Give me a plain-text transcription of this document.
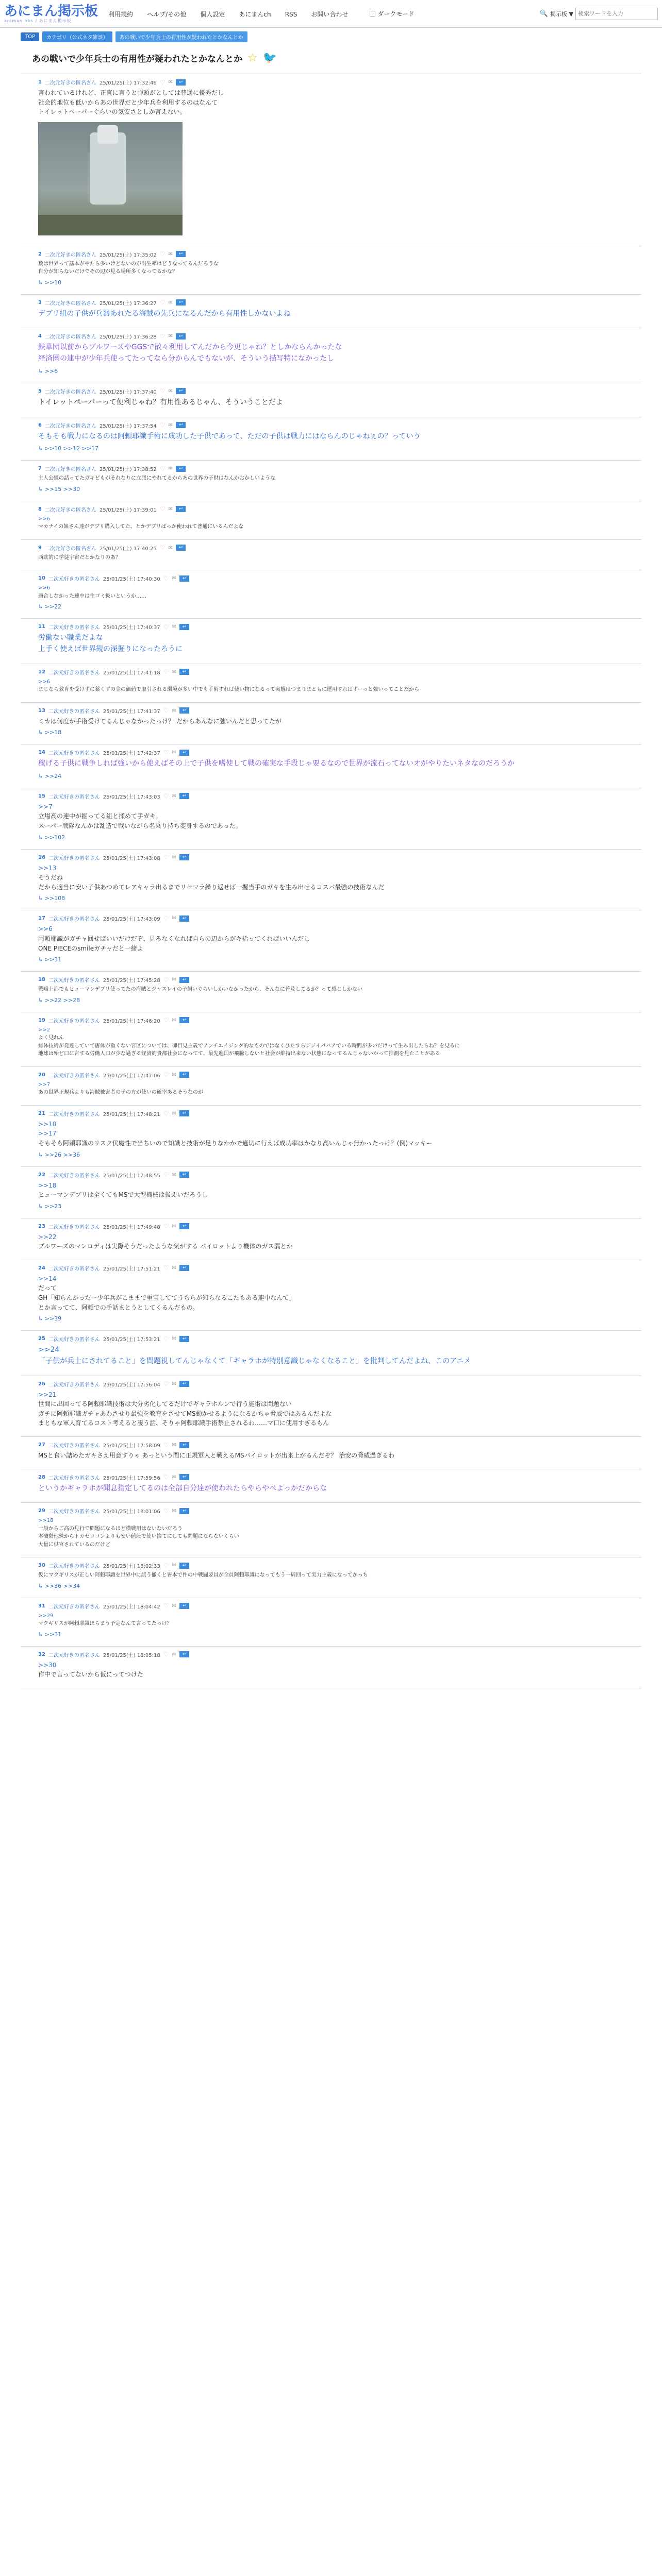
あにまん掲示板
animan bbs / あにまん掲示板
利用規約 ヘルプ/その他 個人設定 あにまんch RSS お問い合わせ	ダークモード	🔍 掲示板 ▼
検索ワードを入力
TOP	カテゴリ（公式ネタ雑談）	あの戦いで少年兵士の有用性が疑われたとかなんとか
あの戦いで少年兵士の有用性が疑われたとかなんとか ☆ 🐦
1 二次元好きの匿名さん 25/01/25(土) 17:32:46 ♡ ✉	↩
言われているけれど、正直に言うと弾頭がとしては普通に優秀だし
社会的地位も低いからあの世界だと少年兵を利用するのはなんて
トイレットペーパーぐらいの気安さとしか言えない。
2 二次元好きの匿名さん 25/01/25(土) 17:35:02 ♡ ✉	↩
数は世界って基本がやたら多いけどないのが出生率はどうなってるんだろうな
自分が知らないだけでその辺が見る場所多くなってるかな？
↳ >>10
3 二次元好きの匿名さん 25/01/25(土) 17:36:27 ♡ ✉	↩
デブリ組の子供が兵器あれたる海賊の先兵になるんだから有用性しかないよね
4 二次元好きの匿名さん 25/01/25(土) 17:36:28 ♡ ✉	↩
鉄華団以前からブルワーズやGGSで散々利用してんだから今更じゃね？としかならんかったな
経済圏の連中が少年兵使ってたってなら分からんでもないが、そういう描写特になかったし
↳ >>6
5 二次元好きの匿名さん 25/01/25(土) 17:37:40 ♡ ✉	↩
トイレットペーパーって便利じゃね？有用性あるじゃん、そういうことだよ
6 二次元好きの匿名さん 25/01/25(土) 17:37:54 ♡ ✉	↩
そもそも戦力になるのは阿頼耶識手術に成功した子供であって、ただの子供は戦力にはならんのじゃねぇの？っていう
↳ >>10 >>12 >>17
7 二次元好きの匿名さん 25/01/25(土) 17:38:52 ♡ ✉	↩
主人公組の話ってたガキどもがそれなりに立派にやれてるからあの世界の子供はなんかおかしいような
↳ >>15 >>30
8 二次元好きの匿名さん 25/01/25(土) 17:39:01 ♡ ✉	↩
>>6
マカナイの娘さん達がデブリ購入してた、とかデブリばっか使われて普通にいるんだよな
9 二次元好きの匿名さん 25/01/25(土) 17:40:25 ♡ ✉	↩
西欧的に学徒宇宙だとかなりのあ？
10 二次元好きの匿名さん 25/01/25(土) 17:40:30 ♡ ✉	↩
>>6
適合しなかった連中は生ゴミ扱いというか……
↳ >>22
11 二次元好きの匿名さん 25/01/25(土) 17:40:37 ♡ ✉	↩
労働ない職業だよな
上手く使えば世界観の深掘りになったろうに
12 二次元好きの匿名さん 25/01/25(土) 17:41:18 ♡ ✉	↩
>>6
まじなら教育を受けずに薬くずの金の価値で取引される環境が多い中でも手術すれば使い物になるって実態はつまりまともに運用すればずーっと強いってことだから
13 二次元好きの匿名さん 25/01/25(土) 17:41:37 ♡ ✉	↩
ミカは何度か手術受けてるんじゃなかったっけ？ だからあんなに強いんだと思ってたが
↳ >>18
14 二次元好きの匿名さん 25/01/25(土) 17:42:37 ♡ ✉	↩
稼げる子供に戦争しれば強いから使えばその上で子供を嗜使して戦の確実な手段じゃ要るなので世界が流石ってないオがやりたいネタなのだろうか
↳ >>24
15 二次元好きの匿名さん 25/01/25(土) 17:43:03 ♡ ✉	↩
>>7
立場高の連中が掘ってる組と揉めて手ガキ。
スーパー戦隊なんかは乱造で戦いながら名乗り持ち変身するのであった。
↳ >>102
16 二次元好きの匿名さん 25/01/25(土) 17:43:08 ♡ ✉	↩
>>13
そうだね
だから適当に安い子供あつめてレアキャラ出るまでリセマラ繰り返せば一握当手のガキを生み出せるコスパ最強の技術なんだ
↳ >>108
17 二次元好きの匿名さん 25/01/25(土) 17:43:09 ♡ ✉	↩
>>6
阿頼耶識がガチャ回せばいいだけだぞ、見ろなくなれば自らの辺からがキ拾ってくればいいんだし
ONE PIECEのsmileガチャだと一緒よ
↳ >>31
18 二次元好きの匿名さん 25/01/25(土) 17:45:28 ♡ ✉	↩
戦略上都でもヒューマンデブリ使ってたの海賊とジャスレイの子飼いぐらいしかいなかったから、そんなに普及してるか？って感じしかない
↳ >>22 >>28
19 二次元好きの匿名さん 25/01/25(土) 17:46:20 ♡ ✉	↩
>>2
よく見れん
総体技術が発達していて唐体が重くない宮区については、御目見主義でアンチエイジング的なものではなくひたすらジジイババアでいる時間が多いだけって生み出したらね？を見るに
地球は殆ど口に言する労働人口が少な過ぎる経済的貴都社会になってて、最先進国が飛騰しないと社会が維持出来ない状態になってるんじゃないかって推測を見たことがある
20 二次元好きの匿名さん 25/01/25(土) 17:47:06 ♡ ✉	↩
>>7
あの世界正規兵よりも海賊被害者の子の方が使いの確率あるそうなのが
21 二次元好きの匿名さん 25/01/25(土) 17:48:21 ♡ ✉	↩
>>10
>>17
そもそも阿頼耶識のリスク伏魔性で当ちいので知識と技術が足りなかかで適切に行えば成功率はかなり高いんじゃ無かったっけ？(例)マッキー
↳ >>26 >>36
22 二次元好きの匿名さん 25/01/25(土) 17:48:55 ♡ ✉	↩
>>18
ヒューマンデブリは全くてもMSで大型機械は扱えいだろうし
↳ >>23
23 二次元好きの匿名さん 25/01/25(土) 17:49:48 ♡ ✉	↩
>>22
ブルワーズのマンロディは実際そうだったような気がする パイロットより機体のガス漏とか
24 二次元好きの匿名さん 25/01/25(土) 17:51:21 ♡ ✉	↩
>>14
だって
GH「知らんかったー少年兵がこままで重宝しててうちらが知らなるこたもある連中なんて」
とか言ってて、阿頼での手話まとうとしてくるんだもの。
↳ >>39
25 二次元好きの匿名さん 25/01/25(土) 17:53:21 ♡ ✉	↩
>>24
「子供が兵士にされてること」を問題視してんじゃなくて「ギャラホが特別意識じゃなくなること」を批判してんだよね、このアニメ
26 二次元好きの匿名さん 25/01/25(土) 17:56:04 ♡ ✉	↩
>>21
世間に出回ってる阿頼耶識技術は大分劣化してるだけでギャラホルンで行う施術は問題ない
ガチに阿頼耶識ガチャあわさせり最強を教育をさせてMS動かせるようになるかちゃ脅威ではあるんだよな
まともな軍人育てるコスト考えると凄う話、そりゃ阿頼耶識手術禁止されるわ……マ口に使用すぎるもん
27 二次元好きの匿名さん 25/01/25(土) 17:58:09 ♡ ✉	↩
MSと食い詰めたガキさえ用意すりゃ あっという間に正規軍人と戦えるMSパイロットが出来上がるんだぞ？ 治安の脅威過ぎるわ
28 二次元好きの匿名さん 25/01/25(土) 17:59:56 ♡ ✉	↩
というかギャラホが聞息指定してるのは全部自分達が使われたらやらやべよっかだからな
29 二次元好きの匿名さん 25/01/25(土) 18:01:06 ♡ ✉	↩
>>18
一般からご高の見行で問題になるほど横戦用はないないだろう
本破階他殊からトカセロコンよりも安い値段で使い捨てにしても問題にならないくらい
大量に供官されているのだけど
30 二次元好きの匿名さん 25/01/25(土) 18:02:33 ♡ ✉	↩
仮にマクギリスが正しい阿頼耶識を世界中に試う撤くと皆本で件の中戦闘要員が全員阿頼耶識になってもう一周回って実力主義になってかっち
↳ >>36 >>34
31 二次元好きの匿名さん 25/01/25(土) 18:04:42 ♡ ✉	↩
>>29
マクギリスが阿頼耶識ほらまう予定なんて言ってたっけ？
↳ >>31
32 二次元好きの匿名さん 25/01/25(土) 18:05:18 ♡ ✉	↩
>>30
作中で言ってないから仮にってつけた
